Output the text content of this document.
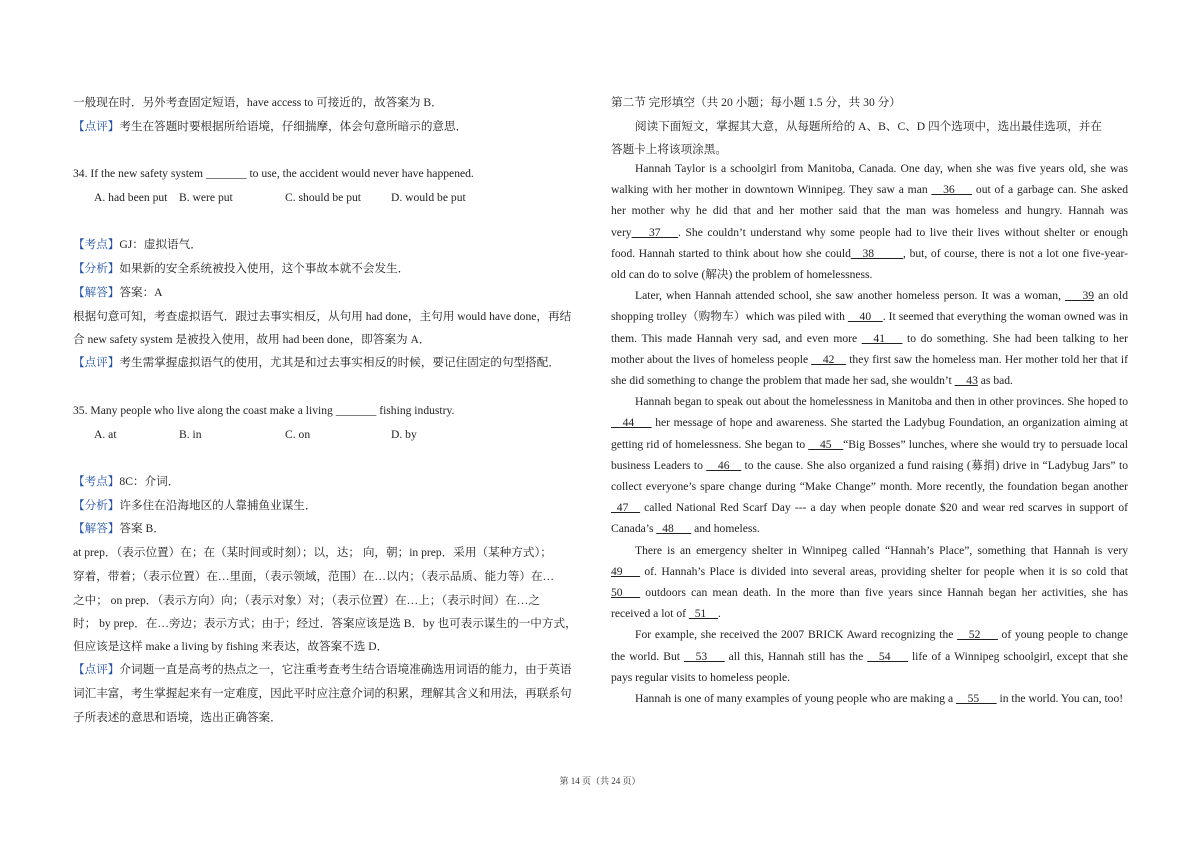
一般现在时．另外考查固定短语，have access to 可接近的，故答案为 B．
【点评】考生在答题时要根据所给语境，仔细揣摩，体会句意所暗示的意思．
34. If the new safety system _______ to use, the accident would never have happened.
A. had been put B. were put	C. should be put	D. would be put
【考点】GJ：虚拟语气．
【分析】如果新的安全系统被投入使用，这个事故本就不会发生．
【解答】答案：A
根据句意可知，考查虚拟语气．跟过去事实相反，从句用 had done，主句用 would have done，再结
合 new safety system 是被投入使用，故用 had been done，即答案为 A．
【点评】考生需掌握虚拟语气的使用，尤其是和过去事实相反的时候，要记住固定的句型搭配．
35. Many people who live along the coast make a living _______ fishing industry.
A. at	B. in	C. on	D. by
【考点】8C：介词．
【分析】许多住在沿海地区的人靠捕鱼业谋生．
【解答】答案 B．
at prep．（表示位置）在；在（某时间或时刻）；以，达； 向，朝；in prep．采用（某种方式）；
穿着，带着；（表示位置）在…里面，（表示领域，范围）在…以内；（表示品质、能力等）在…
之中； on prep．（表示方向）向；（表示对象）对；（表示位置）在…上；（表示时间）在…之
时； by prep．在…旁边；表示方式；由于；经过．答案应该是选 B．by 也可表示谋生的一中方式，
但应该是这样 make a living by fishing 来表达，故答案不选 D．
【点评】介词题一直是高考的热点之一，它注重考查考生结合语境准确选用词语的能力，由于英语
词汇丰富，考生掌握起来有一定难度，因此平时应注意介词的积累，理解其含义和用法，再联系句
子所表述的意思和语境，选出正确答案．
第二节 完形填空（共 20 小题；每小题 1.5 分，共 30 分）
阅读下面短文，掌握其大意，从每题所给的 A、B、C、D 四个选项中，选出最佳选项，并在
答题卡上将该项涂黑。

Hannah Taylor is a schoolgirl from Manitoba, Canada. One day, when she was five years old, she was walking with her mother in downtown Winnipeg. They saw a man __36___ out of a garbage can. She asked her mother why he did that and her mother said that the man was homeless and hungry. Hannah was very___37___. She couldn’t understand why some people had to live their lives without shelter or enough food. Hannah started to think about how she could__38_____, but, of course, there is not a lot one five-year-old can do to solve (解决) the problem of homelessness.

Later, when Hannah attended school, she saw another homeless person. It was a woman, ___39 an old shopping trolley（购物车）which was piled with __40__. It seemed that everything the woman owned was in them. This made Hannah very sad, and even more __41___ to do something. She had been talking to her mother about the lives of homeless people __42__ they first saw the homeless man. Her mother told her that if she did something to change the problem that made her sad, she wouldn’t __43 as bad.

Hannah began to speak out about the homelessness in Manitoba and then in other provinces. She hoped to __44___ her message of hope and awareness. She started the Ladybug Foundation, an organization aiming at getting rid of homelessness. She began to __45__“Big Bosses” lunches, where she would try to persuade local business Leaders to __46__ to the cause. She also organized a fund raising (募捐) drive in “Ladybug Jars” to collect everyone’s spare change during “Make Change” month. More recently, the foundation began another _47__ called National Red Scarf Day --- a day when people donate $20 and wear red scarves in support of Canada’s _48___ and homeless.

There is an emergency shelter in Winnipeg called “Hannah’s Place”, something that Hannah is very 49___ of. Hannah’s Place is divided into several areas, providing shelter for people when it is so cold that 50___ outdoors can mean death. In the more than five years since Hannah began her activities, she has received a lot of _51__.

For example, she received the 2007 BRICK Award recognizing the __52___ of young people to change the world. But __53___ all this, Hannah still has the __54___ life of a Winnipeg schoolgirl, except that she pays regular visits to homeless people.

Hannah is one of many examples of young people who are making a __55___ in the world. You can, too!

第 14 页（共 24 页）
